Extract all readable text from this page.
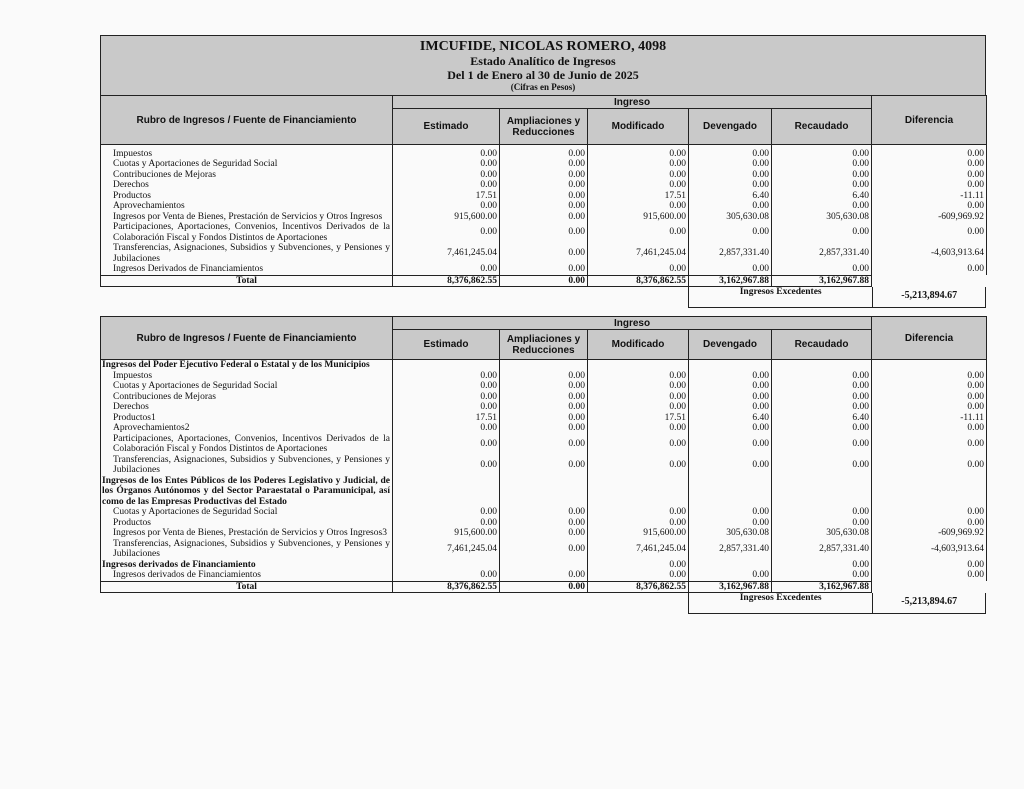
IMCUFIDE, NICOLAS ROMERO, 4098
Estado Analítico de Ingresos
Del 1 de Enero al 30 de Junio de 2025
(Cifras en Pesos)
Rubro de Ingresos / Fuente de Financiamiento	Ingreso					Diferencia
	Estimado	Ampliaciones y Reducciones	Modificado	Devengado	Recaudado	

Impuestos	0.00	0.00	0.00	0.00	0.00	0.00
Cuotas y Aportaciones de Seguridad Social	0.00	0.00	0.00	0.00	0.00	0.00
Contribuciones de Mejoras	0.00	0.00	0.00	0.00	0.00	0.00
Derechos	0.00	0.00	0.00	0.00	0.00	0.00
Productos	17.51	0.00	17.51	6.40	6.40	-11.11
Aprovechamientos	0.00	0.00	0.00	0.00	0.00	0.00
Ingresos por Venta de Bienes, Prestación de Servicios y Otros Ingresos	915,600.00	0.00	915,600.00	305,630.08	305,630.08	-609,969.92
Participaciones, Aportaciones, Convenios, Incentivos Derivados de la Colaboración Fiscal y Fondos Distintos de Aportaciones	0.00	0.00	0.00	0.00	0.00	0.00
Transferencias, Asignaciones, Subsidios y Subvenciones, y Pensiones y Jubilaciones	7,461,245.04	0.00	7,461,245.04	2,857,331.40	2,857,331.40	-4,603,913.64
Ingresos Derivados de Financiamientos	0.00	0.00	0.00	0.00	0.00	0.00
Total	8,376,862.55	0.00	8,376,862.55	3,162,967.88	3,162,967.88	
Ingresos Excedentes	-5,213,894.67
Rubro de Ingresos / Fuente de Financiamiento	Ingreso					Diferencia
	Estimado	Ampliaciones y Reducciones	Modificado	Devengado	Recaudado	
Ingresos del Poder Ejecutivo Federal o Estatal y de los Municipios						
Impuestos	0.00	0.00	0.00	0.00	0.00	0.00
Cuotas y Aportaciones de Seguridad Social	0.00	0.00	0.00	0.00	0.00	0.00
Contribuciones de Mejoras	0.00	0.00	0.00	0.00	0.00	0.00
Derechos	0.00	0.00	0.00	0.00	0.00	0.00
Productos1	17.51	0.00	17.51	6.40	6.40	-11.11
Aprovechamientos2	0.00	0.00	0.00	0.00	0.00	0.00
Participaciones, Aportaciones, Convenios, Incentivos Derivados de la Colaboración Fiscal y Fondos Distintos de Aportaciones	0.00	0.00	0.00	0.00	0.00	0.00
Transferencias, Asignaciones, Subsidios y Subvenciones, y Pensiones y Jubilaciones	0.00	0.00	0.00	0.00	0.00	0.00
Ingresos de los Entes Públicos de los Poderes Legislativo y Judicial, de los Órganos Autónomos y del Sector Paraestatal o Paramunicipal, así como de las Empresas Productivas del Estado						
Cuotas y Aportaciones de Seguridad Social	0.00	0.00	0.00	0.00	0.00	0.00
Productos	0.00	0.00	0.00	0.00	0.00	0.00
Ingresos por Venta de Bienes, Prestación de Servicios y Otros Ingresos3	915,600.00	0.00	915,600.00	305,630.08	305,630.08	-609,969.92
Transferencias, Asignaciones, Subsidios y Subvenciones, y Pensiones y Jubilaciones	7,461,245.04	0.00	7,461,245.04	2,857,331.40	2,857,331.40	-4,603,913.64
Ingresos derivados de Financiamiento			0.00		0.00	0.00
Ingresos derivados de Financiamientos	0.00	0.00	0.00	0.00	0.00	0.00
Total	8,376,862.55	0.00	8,376,862.55	3,162,967.88	3,162,967.88	
Ingresos Excedentes	-5,213,894.67
